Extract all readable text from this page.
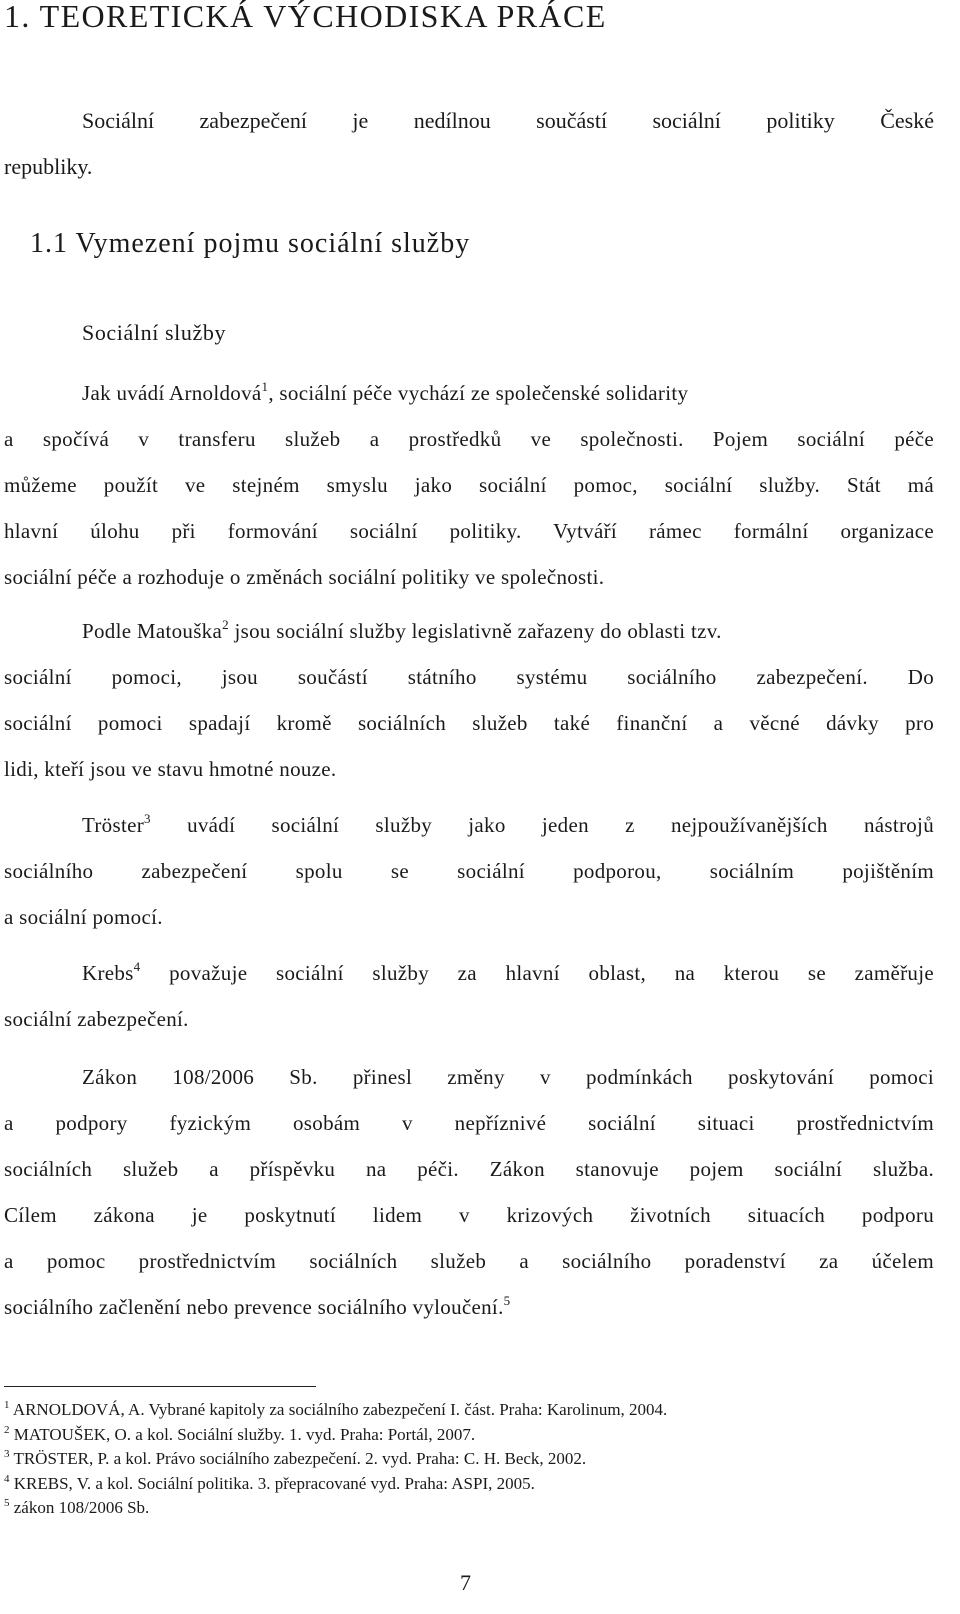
1. TEORETICKÁ VÝCHODISKA PRÁCE
Sociální zabezpečení je nedílnou součástí sociální politiky České
republiky.
1.1 Vymezení pojmu sociální služby
Sociální služby
Jak uvádí Arnoldová$^1$, sociální péče vychází ze společenské solidarity
a spočívá v transferu služeb a prostředků ve společnosti. Pojem sociální péče
můžeme použít ve stejném smyslu jako sociální pomoc, sociální služby. Stát má
hlavní úlohu při formování sociální politiky. Vytváří rámec formální organizace
sociální péče a rozhoduje o změnách sociální politiky ve společnosti.
Podle Matouška$^2$ jsou sociální služby legislativně zařazeny do oblasti tzv.
sociální pomoci, jsou součástí státního systému sociálního zabezpečení. Do
sociální pomoci spadají kromě sociálních služeb také finanční a věcné dávky pro
lidi, kteří jsou ve stavu hmotné nouze.
Tröster$^3$ uvádí sociální služby jako jeden z nejpoužívanějších nástrojů
sociálního zabezpečení spolu se sociální podporou, sociálním pojištěním
a sociální pomocí.
Krebs$^4$ považuje sociální služby za hlavní oblast, na kterou se zaměřuje
sociální zabezpečení.
Zákon 108/2006 Sb. přinesl změny v podmínkách poskytování pomoci
a podpory fyzickým osobám v nepříznivé sociální situaci prostřednictvím
sociálních služeb a příspěvku na péči. Zákon stanovuje pojem sociální služba.
Cílem zákona je poskytnutí lidem v krizových životních situacích podporu
a pomoc prostřednictvím sociálních služeb a sociálního poradenství za účelem
sociálního začlenění nebo prevence sociálního vyloučení.$^5$
$^1$ ARNOLDOVÁ, A. Vybrané kapitoly za sociálního zabezpečení I. část. Praha: Karolinum, 2004.
$^2$ MATOUŠEK, O. a kol. Sociální služby. 1. vyd. Praha: Portál, 2007.
$^3$ TRÖSTER, P. a kol. Právo sociálního zabezpečení. 2. vyd. Praha: C. H. Beck, 2002.
$^4$ KREBS, V. a kol. Sociální politika. 3. přepracované vyd. Praha: ASPI, 2005.
$^5$ zákon 108/2006 Sb.
7
